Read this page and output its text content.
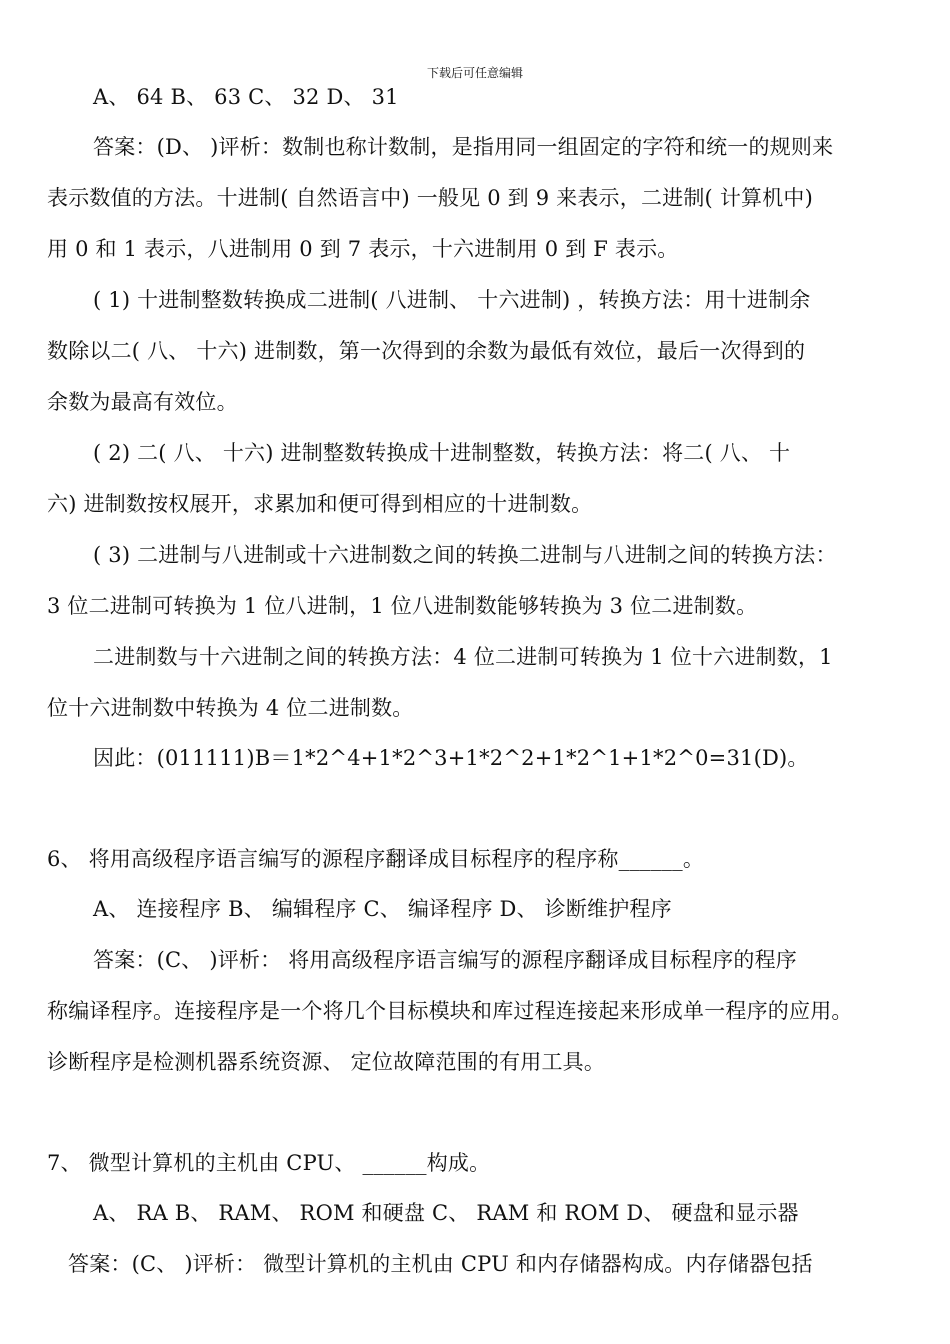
下载后可任意编辑
A、 64 B、 63 C、 32 D、 31
答案：(D、 )评析：数制也称计数制，是指用同一组固定的字符和统一的规则来
表示数值的方法。十进制( 自然语言中) 一般见 0 到 9 来表示，二进制( 计算机中)
用 0 和 1 表示，八进制用 0 到 7 表示，十六进制用 0 到 F 表示。
( 1) 十进制整数转换成二进制( 八进制、 十六进制) ，转换方法：用十进制余
数除以二( 八、 十六) 进制数，第一次得到的余数为最低有效位，最后一次得到的
余数为最高有效位。
( 2) 二( 八、 十六) 进制整数转换成十进制整数，转换方法：将二( 八、 十
六) 进制数按权展开，求累加和便可得到相应的十进制数。
( 3) 二进制与八进制或十六进制数之间的转换二进制与八进制之间的转换方法：
3 位二进制可转换为 1 位八进制，1 位八进制数能够转换为 3 位二进制数。
二进制数与十六进制之间的转换方法：4 位二进制可转换为 1 位十六进制数，1
位十六进制数中转换为 4 位二进制数。
因此：(011111)B＝1*2^4+1*2^3+1*2^2+1*2^1+1*2^0=31(D)。
6、 将用高级程序语言编写的源程序翻译成目标程序的程序称______。
A、 连接程序 B、 编辑程序 C、 编译程序 D、 诊断维护程序
答案：(C、 )评析： 将用高级程序语言编写的源程序翻译成目标程序的程序
称编译程序。连接程序是一个将几个目标模块和库过程连接起来形成单一程序的应用。
诊断程序是检测机器系统资源、 定位故障范围的有用工具。
7、 微型计算机的主机由 CPU、 ______构成。
A、 RA B、 RAM、 ROM 和硬盘 C、 RAM 和 ROM D、 硬盘和显示器
答案：(C、 )评析： 微型计算机的主机由 CPU 和内存储器构成。内存储器包括
